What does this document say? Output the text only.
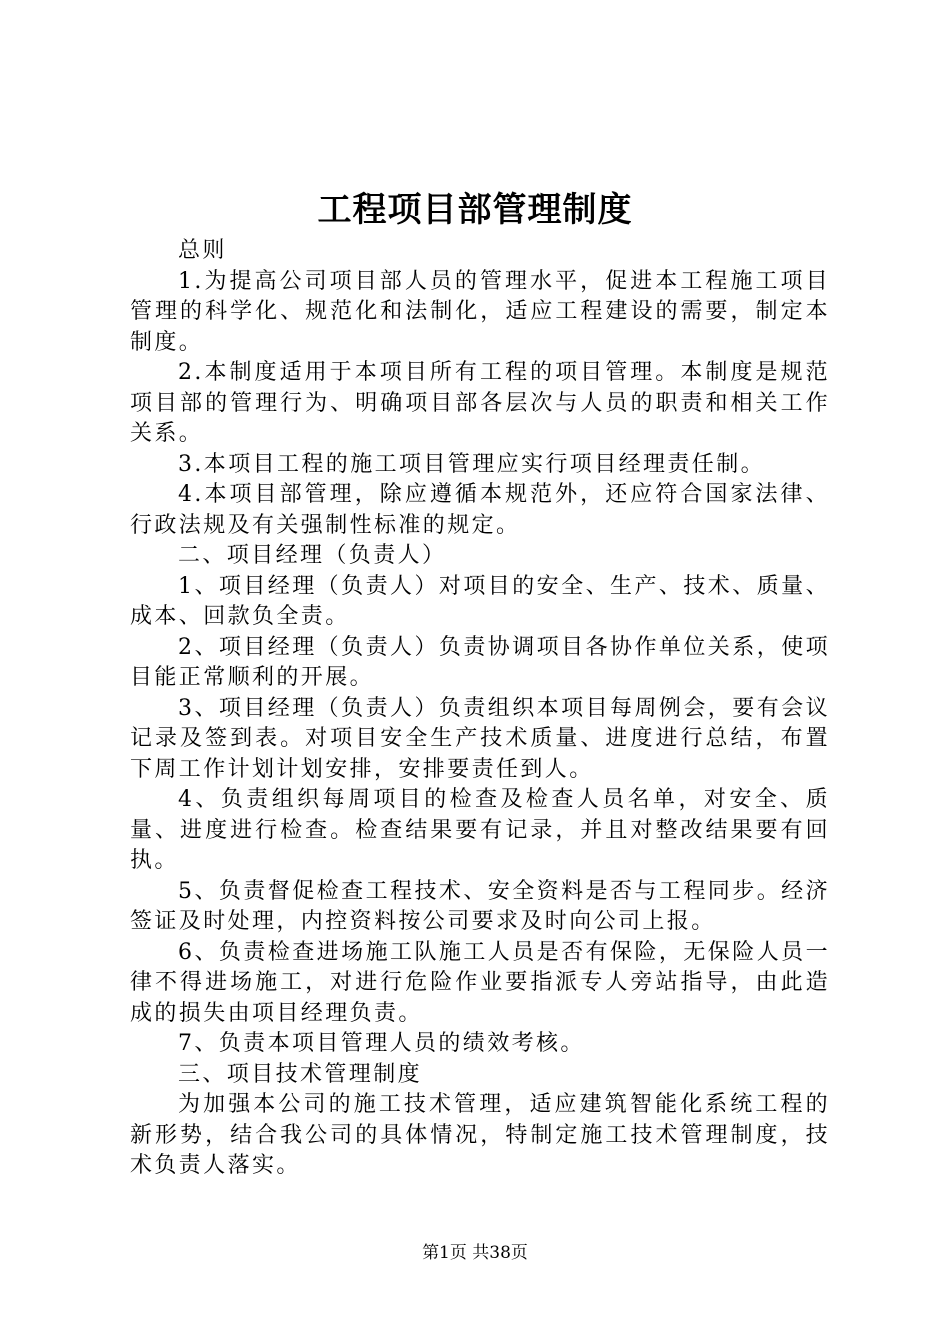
工程项目部管理制度

总则

1.为提高公司项目部人员的管理水平，促进本工程施工项目管理的科学化、规范化和法制化，适应工程建设的需要，制定本制度。

2.本制度适用于本项目所有工程的项目管理。本制度是规范项目部的管理行为、明确项目部各层次与人员的职责和相关工作关系。

3.本项目工程的施工项目管理应实行项目经理责任制。

4.本项目部管理，除应遵循本规范外，还应符合国家法律、行政法规及有关强制性标准的规定。

二、项目经理（负责人）

1、项目经理（负责人）对项目的安全、生产、技术、质量、成本、回款负全责。

2、项目经理（负责人）负责协调项目各协作单位关系，使项目能正常顺利的开展。

3、项目经理（负责人）负责组织本项目每周例会，要有会议记录及签到表。对项目安全生产技术质量、进度进行总结，布置下周工作计划计划安排，安排要责任到人。

4、负责组织每周项目的检查及检查人员名单，对安全、质量、进度进行检查。检查结果要有记录，并且对整改结果要有回执。

5、负责督促检查工程技术、安全资料是否与工程同步。经济签证及时处理，内控资料按公司要求及时向公司上报。

6、负责检查进场施工队施工人员是否有保险，无保险人员一律不得进场施工，对进行危险作业要指派专人旁站指导，由此造成的损失由项目经理负责。

7、负责本项目管理人员的绩效考核。

三、项目技术管理制度

为加强本公司的施工技术管理，适应建筑智能化系统工程的新形势，结合我公司的具体情况，特制定施工技术管理制度，技术负责人落实。

第1页 共38页
